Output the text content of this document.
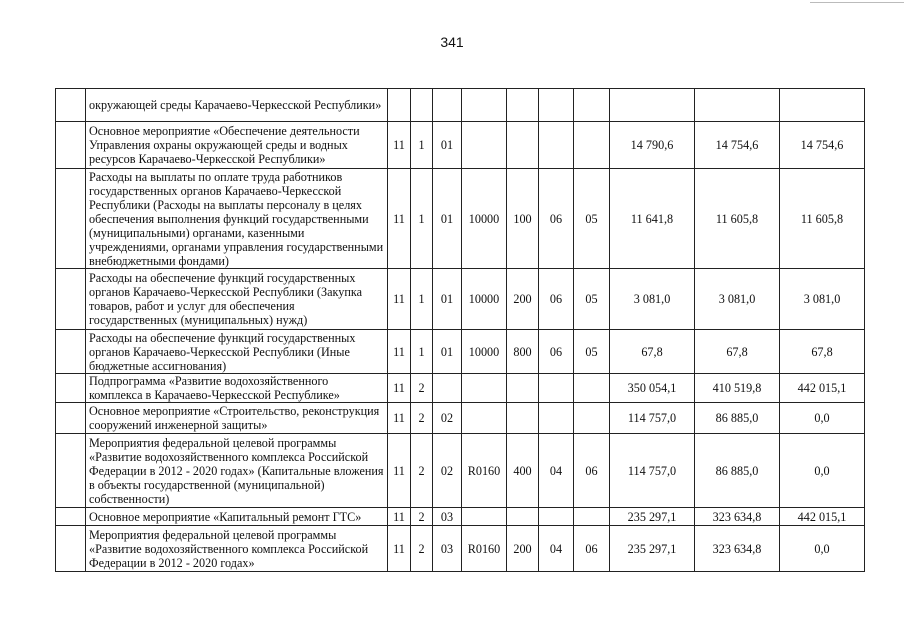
341
	окружающей среды Карачаево-Черкесской Республики»										
	Основное мероприятие «Обеспечение деятельности Управления охраны окружающей среды и водных ресурсов Карачаево-Черкесской Республики»	11	1	01					14 790,6	14 754,6	14 754,6
	Расходы на выплаты по оплате труда работников государственных органов Карачаево-Черкесской Республики (Расходы на выплаты персоналу в целях обеспечения выполнения функций государственными (муниципальными) органами, казенными учреждениями, органами управления государственными внебюджетными фондами)	11	1	01	10000	100	06	05	11 641,8	11 605,8	11 605,8
	Расходы на обеспечение функций государственных органов Карачаево-Черкесской Республики (Закупка товаров, работ и услуг для обеспечения государственных (муниципальных) нужд)	11	1	01	10000	200	06	05	3 081,0	3 081,0	3 081,0
	Расходы на обеспечение функций государственных органов Карачаево-Черкесской Республики (Иные бюджетные ассигнования)	11	1	01	10000	800	06	05	67,8	67,8	67,8
	Подпрограмма «Развитие водохозяйственного комплекса в Карачаево-Черкесской Республике»	11	2						350 054,1	410 519,8	442 015,1
	Основное мероприятие «Строительство, реконструкция сооружений инженерной защиты»	11	2	02					114 757,0	86 885,0	0,0
	Мероприятия федеральной целевой программы «Развитие водохозяйственного комплекса Российской Федерации в 2012 - 2020 годах» (Капитальные вложения в объекты государственной (муниципальной) собственности)	11	2	02	R0160	400	04	06	114 757,0	86 885,0	0,0
	Основное мероприятие «Капитальный ремонт ГТС»	11	2	03					235 297,1	323 634,8	442 015,1
	Мероприятия федеральной целевой программы «Развитие водохозяйственного комплекса Российской Федерации в 2012 - 2020 годах»	11	2	03	R0160	200	04	06	235 297,1	323 634,8	0,0
